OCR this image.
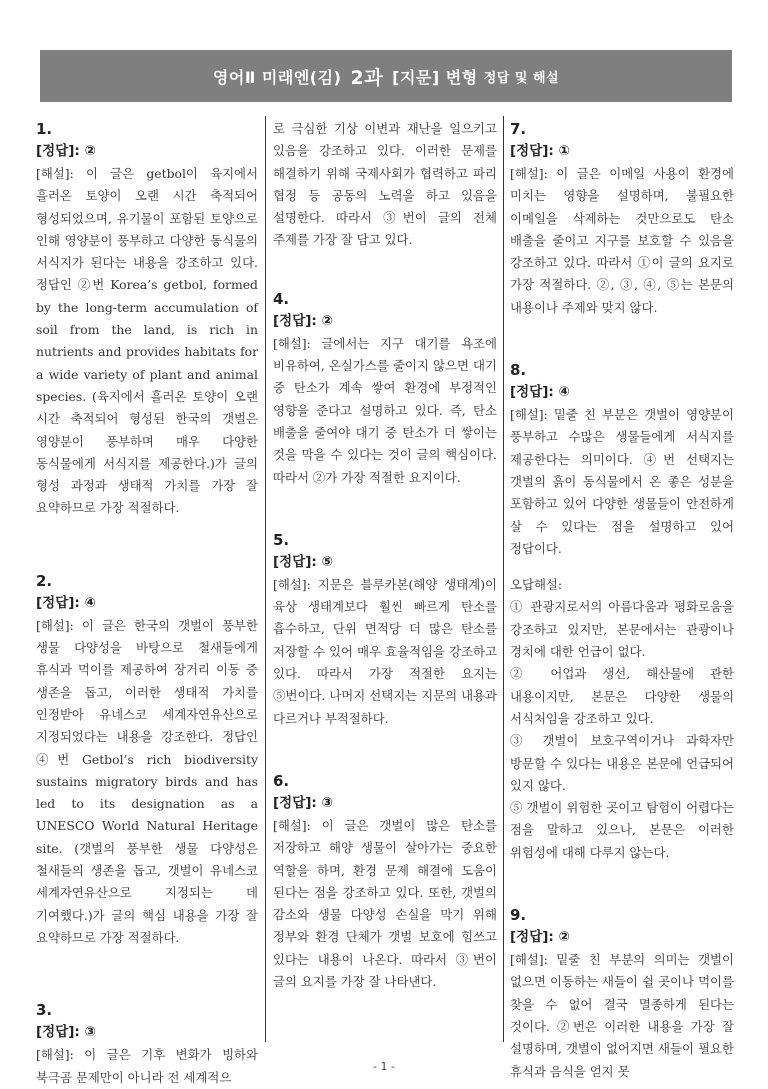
영어Ⅱ 미래엔(김)
2과
[지문] 변형
정답 및 해설
1.
[정답]: ②

[해설]: 이 글은 getbol이 육지에서 흘러온 토양이 오랜 시간 축적되어 형성되었으며, 유기물이 포함된 토양으로 인해 영양분이 풍부하고 다양한 동식물의 서식지가 된다는 내용을 강조하고 있다. 정답인 ②번 Korea’s getbol, formed by the long-term accumulation of soil from the land, is rich in nutrients and provides habitats for a wide variety of plant and animal species. (육지에서 흘러온 토양이 오랜 시간 축적되어 형성된 한국의 갯벌은 영양분이 풍부하며 매우 다양한 동식물에게 서식지를 제공한다.)가 글의 형성 과정과 생태적 가치를 가장 잘 요약하므로 가장 적절하다.

2.
[정답]: ④

[해설]: 이 글은 한국의 갯벌이 풍부한 생물 다양성을 바탕으로 철새들에게 휴식과 먹이를 제공하여 장거리 이동 중 생존을 돕고, 이러한 생태적 가치를 인정받아 유네스코 세계자연유산으로 지정되었다는 내용을 강조한다. 정답인 ④번 Getbol’s rich biodiversity sustains migratory birds and has led to its designation as a UNESCO World Natural Heritage site. (갯벌의 풍부한 생물 다양성은 철새들의 생존을 돕고, 갯벌이 유네스코 세계자연유산으로 지정되는 데 기여했다.)가 글의 핵심 내용을 가장 잘 요약하므로 가장 적절하다.

3.
[정답]: ③

[해설]: 이 글은 기후 변화가 빙하와 북극곰 문제만이 아니라 전 세계적으

로 극심한 기상 이변과 재난을 일으키고 있음을 강조하고 있다. 이러한 문제를 해결하기 위해 국제사회가 협력하고 파리 협정 등 공동의 노력을 하고 있음을 설명한다. 따라서 ③번이 글의 전체 주제를 가장 잘 담고 있다.

4.
[정답]: ②

[해설]: 글에서는 지구 대기를 욕조에 비유하여, 온실가스를 줄이지 않으면 대기 중 탄소가 계속 쌓여 환경에 부정적인 영향을 준다고 설명하고 있다. 즉, 탄소 배출을 줄여야 대기 중 탄소가 더 쌓이는 것을 막을 수 있다는 것이 글의 핵심이다. 따라서 ②가 가장 적절한 요지이다.

5.
[정답]: ⑤

[해설]: 지문은 블루카본(해양 생태계)이 육상 생태계보다 훨씬 빠르게 탄소를 흡수하고, 단위 면적당 더 많은 탄소를 저장할 수 있어 매우 효율적임을 강조하고 있다. 따라서 가장 적절한 요지는 ⑤번이다. 나머지 선택지는 지문의 내용과 다르거나 부적절하다.

6.
[정답]: ③

[해설]: 이 글은 갯벌이 많은 탄소를 저장하고 해양 생물이 살아가는 중요한 역할을 하며, 환경 문제 해결에 도움이 된다는 점을 강조하고 있다. 또한, 갯벌의 감소와 생물 다양성 손실을 막기 위해 정부와 환경 단체가 갯벌 보호에 힘쓰고 있다는 내용이 나온다. 따라서 ③번이 글의 요지를 가장 잘 나타낸다.

7.
[정답]: ①

[해설]: 이 글은 이메일 사용이 환경에 미치는 영향을 설명하며, 불필요한 이메일을 삭제하는 것만으로도 탄소 배출을 줄이고 지구를 보호할 수 있음을 강조하고 있다. 따라서 ①이 글의 요지로 가장 적절하다. ②, ③, ④, ⑤는 본문의 내용이나 주제와 맞지 않다.

8.
[정답]: ④

[해설]: 밑줄 친 부분은 갯벌이 영양분이 풍부하고 수많은 생물들에게 서식지를 제공한다는 의미이다. ④번 선택지는 갯벌의 흙이 동식물에서 온 좋은 성분을 포함하고 있어 다양한 생물들이 안전하게 살 수 있다는 점을 설명하고 있어 정답이다.

오답해설:
① 관광지로서의 아름다움과 평화로움을 강조하고 있지만, 본문에서는 관광이나 경치에 대한 언급이 없다.
② 어업과 생선, 해산물에 관한 내용이지만, 본문은 다양한 생물의 서식처임을 강조하고 있다.
③ 갯벌이 보호구역이거나 과학자만 방문할 수 있다는 내용은 본문에 언급되어 있지 않다.
⑤ 갯벌이 위험한 곳이고 탐험이 어렵다는 점을 말하고 있으나, 본문은 이러한 위험성에 대해 다루지 않는다.
9.
[정답]: ②

[해설]: 밑줄 친 부분의 의미는 갯벌이 없으면 이동하는 새들이 쉴 곳이나 먹이를 찾을 수 없어 결국 멸종하게 된다는 것이다. ②번은 이러한 내용을 가장 잘 설명하며, 갯벌이 없어지면 새들이 필요한 휴식과 음식을 얻지 못

- 1 -
